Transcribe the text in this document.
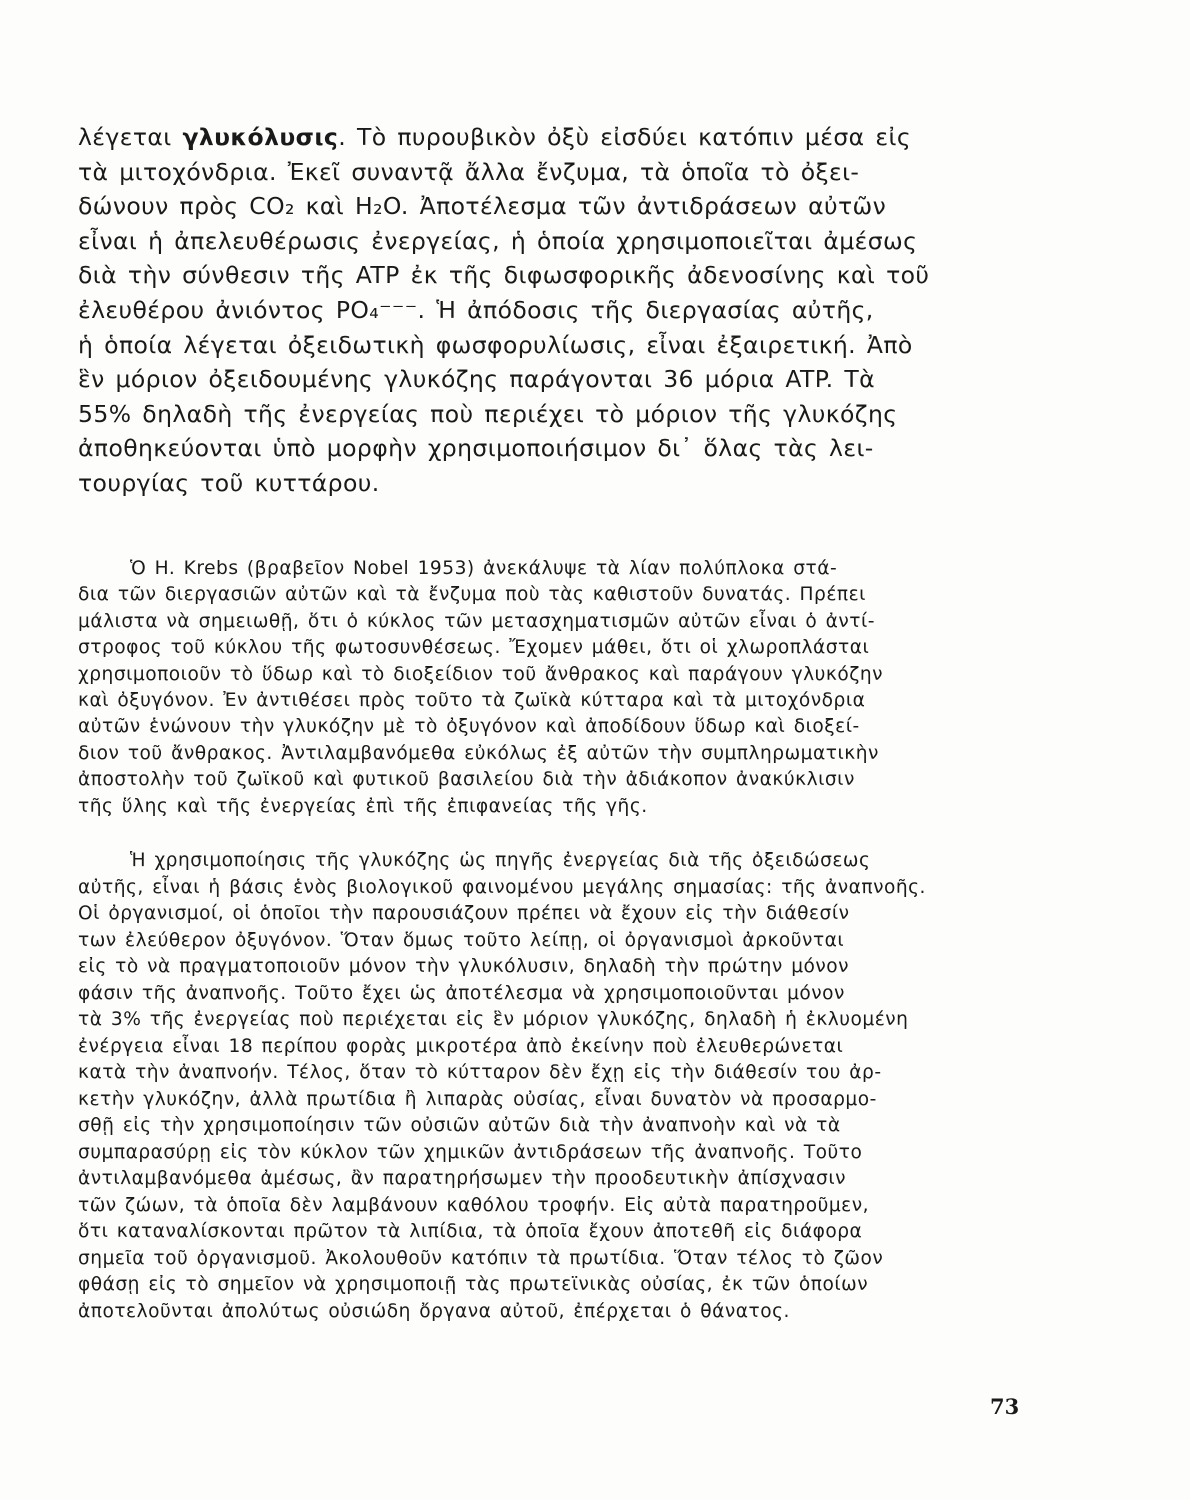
λέγεται γλυκόλυσις. Τὸ πυρουβικὸν ὀξὺ εἰσδύει κατόπιν μέσα εἰς
τὰ μιτοχόνδρια. Ἐκεῖ συναντᾷ ἄλλα ἔνζυμα, τὰ ὁποῖα τὸ ὀξει-
δώνουν πρὸς CO₂ καὶ H₂O. Ἀποτέλεσμα τῶν ἀντιδράσεων αὐτῶν
εἶναι ἡ ἀπελευθέρωσις ἐνεργείας, ἡ ὁποία χρησιμοποιεῖται ἀμέσως
διὰ τὴν σύνθεσιν τῆς ATP ἐκ τῆς διφωσφορικῆς ἀδενοσίνης καὶ τοῦ
ἐλευθέρου ἀνιόντος PO₄⁻⁻⁻. Ἡ ἀπόδοσις τῆς διεργασίας αὐτῆς,
ἡ ὁποία λέγεται ὀξειδωτικὴ φωσφορυλίωσις, εἶναι ἐξαιρετική. Ἀπὸ
ἓν μόριον ὀξειδουμένης γλυκόζης παράγονται 36 μόρια ATP. Τὰ
55% δηλαδὴ τῆς ἐνεργείας ποὺ περιέχει τὸ μόριον τῆς γλυκόζης
ἀποθηκεύονται ὑπὸ μορφὴν χρησιμοποιήσιμον δι᾽ ὅλας τὰς λει-
τουργίας τοῦ κυττάρου.
Ὁ H. Krebs (βραβεῖον Nobel 1953) ἀνεκάλυψε τὰ λίαν πολύπλοκα στά-
δια τῶν διεργασιῶν αὐτῶν καὶ τὰ ἔνζυμα ποὺ τὰς καθιστοῦν δυνατάς. Πρέπει
μάλιστα νὰ σημειωθῇ, ὅτι ὁ κύκλος τῶν μετασχηματισμῶν αὐτῶν εἶναι ὁ ἀντί-
στροφος τοῦ κύκλου τῆς φωτοσυνθέσεως. Ἔχομεν μάθει, ὅτι οἱ χλωροπλάσται
χρησιμοποιοῦν τὸ ὕδωρ καὶ τὸ διοξείδιον τοῦ ἄνθρακος καὶ παράγουν γλυκόζην
καὶ ὀξυγόνον. Ἐν ἀντιθέσει πρὸς τοῦτο τὰ ζωϊκὰ κύτταρα καὶ τὰ μιτοχόνδρια
αὐτῶν ἑνώνουν τὴν γλυκόζην μὲ τὸ ὀξυγόνον καὶ ἀποδίδουν ὕδωρ καὶ διοξεί-
διον τοῦ ἄνθρακος. Ἀντιλαμβανόμεθα εὐκόλως ἐξ αὐτῶν τὴν συμπληρωματικὴν
ἀποστολὴν τοῦ ζωϊκοῦ καὶ φυτικοῦ βασιλείου διὰ τὴν ἀδιάκοπον ἀνακύκλισιν
τῆς ὕλης καὶ τῆς ἐνεργείας ἐπὶ τῆς ἐπιφανείας τῆς γῆς.
Ἡ χρησιμοποίησις τῆς γλυκόζης ὡς πηγῆς ἐνεργείας διὰ τῆς ὀξειδώσεως
αὐτῆς, εἶναι ἡ βάσις ἑνὸς βιολογικοῦ φαινομένου μεγάλης σημασίας: τῆς ἀναπνοῆς.
Οἱ ὀργανισμοί, οἱ ὁποῖοι τὴν παρουσιάζουν πρέπει νὰ ἔχουν εἰς τὴν διάθεσίν
των ἐλεύθερον ὀξυγόνον. Ὅταν ὅμως τοῦτο λείπῃ, οἱ ὀργανισμοὶ ἀρκοῦνται
εἰς τὸ νὰ πραγματοποιοῦν μόνον τὴν γλυκόλυσιν, δηλαδὴ τὴν πρώτην μόνον
φάσιν τῆς ἀναπνοῆς. Τοῦτο ἔχει ὡς ἀποτέλεσμα νὰ χρησιμοποιοῦνται μόνον
τὰ 3% τῆς ἐνεργείας ποὺ περιέχεται εἰς ἓν μόριον γλυκόζης, δηλαδὴ ἡ ἐκλυομένη
ἐνέργεια εἶναι 18 περίπου φορὰς μικροτέρα ἀπὸ ἐκείνην ποὺ ἐλευθερώνεται
κατὰ τὴν ἀναπνοήν. Τέλος, ὅταν τὸ κύτταρον δὲν ἔχῃ εἰς τὴν διάθεσίν του ἀρ-
κετὴν γλυκόζην, ἀλλὰ πρωτίδια ἢ λιπαρὰς οὐσίας, εἶναι δυνατὸν νὰ προσαρμο-
σθῇ εἰς τὴν χρησιμοποίησιν τῶν οὐσιῶν αὐτῶν διὰ τὴν ἀναπνοὴν καὶ νὰ τὰ
συμπαρασύρῃ εἰς τὸν κύκλον τῶν χημικῶν ἀντιδράσεων τῆς ἀναπνοῆς. Τοῦτο
ἀντιλαμβανόμεθα ἀμέσως, ἂν παρατηρήσωμεν τὴν προοδευτικὴν ἀπίσχνασιν
τῶν ζώων, τὰ ὁποῖα δὲν λαμβάνουν καθόλου τροφήν. Εἰς αὐτὰ παρατηροῦμεν,
ὅτι καταναλίσκονται πρῶτον τὰ λιπίδια, τὰ ὁποῖα ἔχουν ἀποτεθῆ εἰς διάφορα
σημεῖα τοῦ ὀργανισμοῦ. Ἀκολουθοῦν κατόπιν τὰ πρωτίδια. Ὅταν τέλος τὸ ζῶον
φθάσῃ εἰς τὸ σημεῖον νὰ χρησιμοποιῇ τὰς πρωτεϊνικὰς οὐσίας, ἐκ τῶν ὁποίων
ἀποτελοῦνται ἀπολύτως οὐσιώδη ὄργανα αὐτοῦ, ἐπέρχεται ὁ θάνατος.
73
